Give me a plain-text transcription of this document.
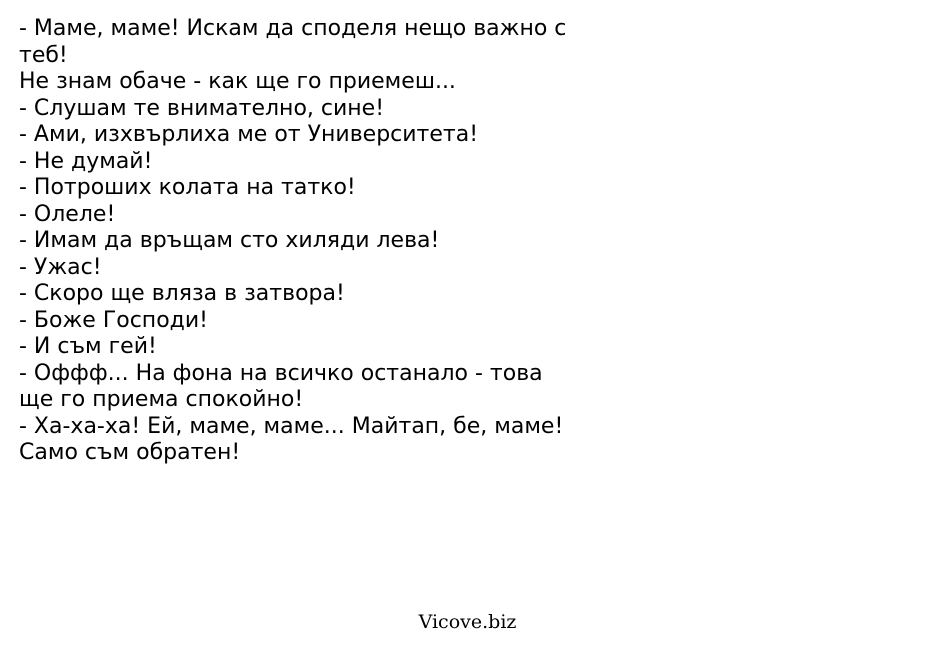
- Маме, маме! Искам да споделя нещо важно с
теб!
Не знам обаче - как ще го приемеш...
- Слушам те внимателно, сине!
- Ами, изхвърлиха ме от Университета!
- Не думай!
- Потроших колата на татко!
- Олеле!
- Имам да връщам сто хиляди лева!
- Ужас!
- Скоро ще вляза в затвора!
- Боже Господи!
- И съм гей!
- Оффф... На фона на всичко останало - това
ще го приема спокойно!
- Ха-ха-ха! Ей, маме, маме... Майтап, бе, маме!
Само съм обратен!
Vicove.biz
